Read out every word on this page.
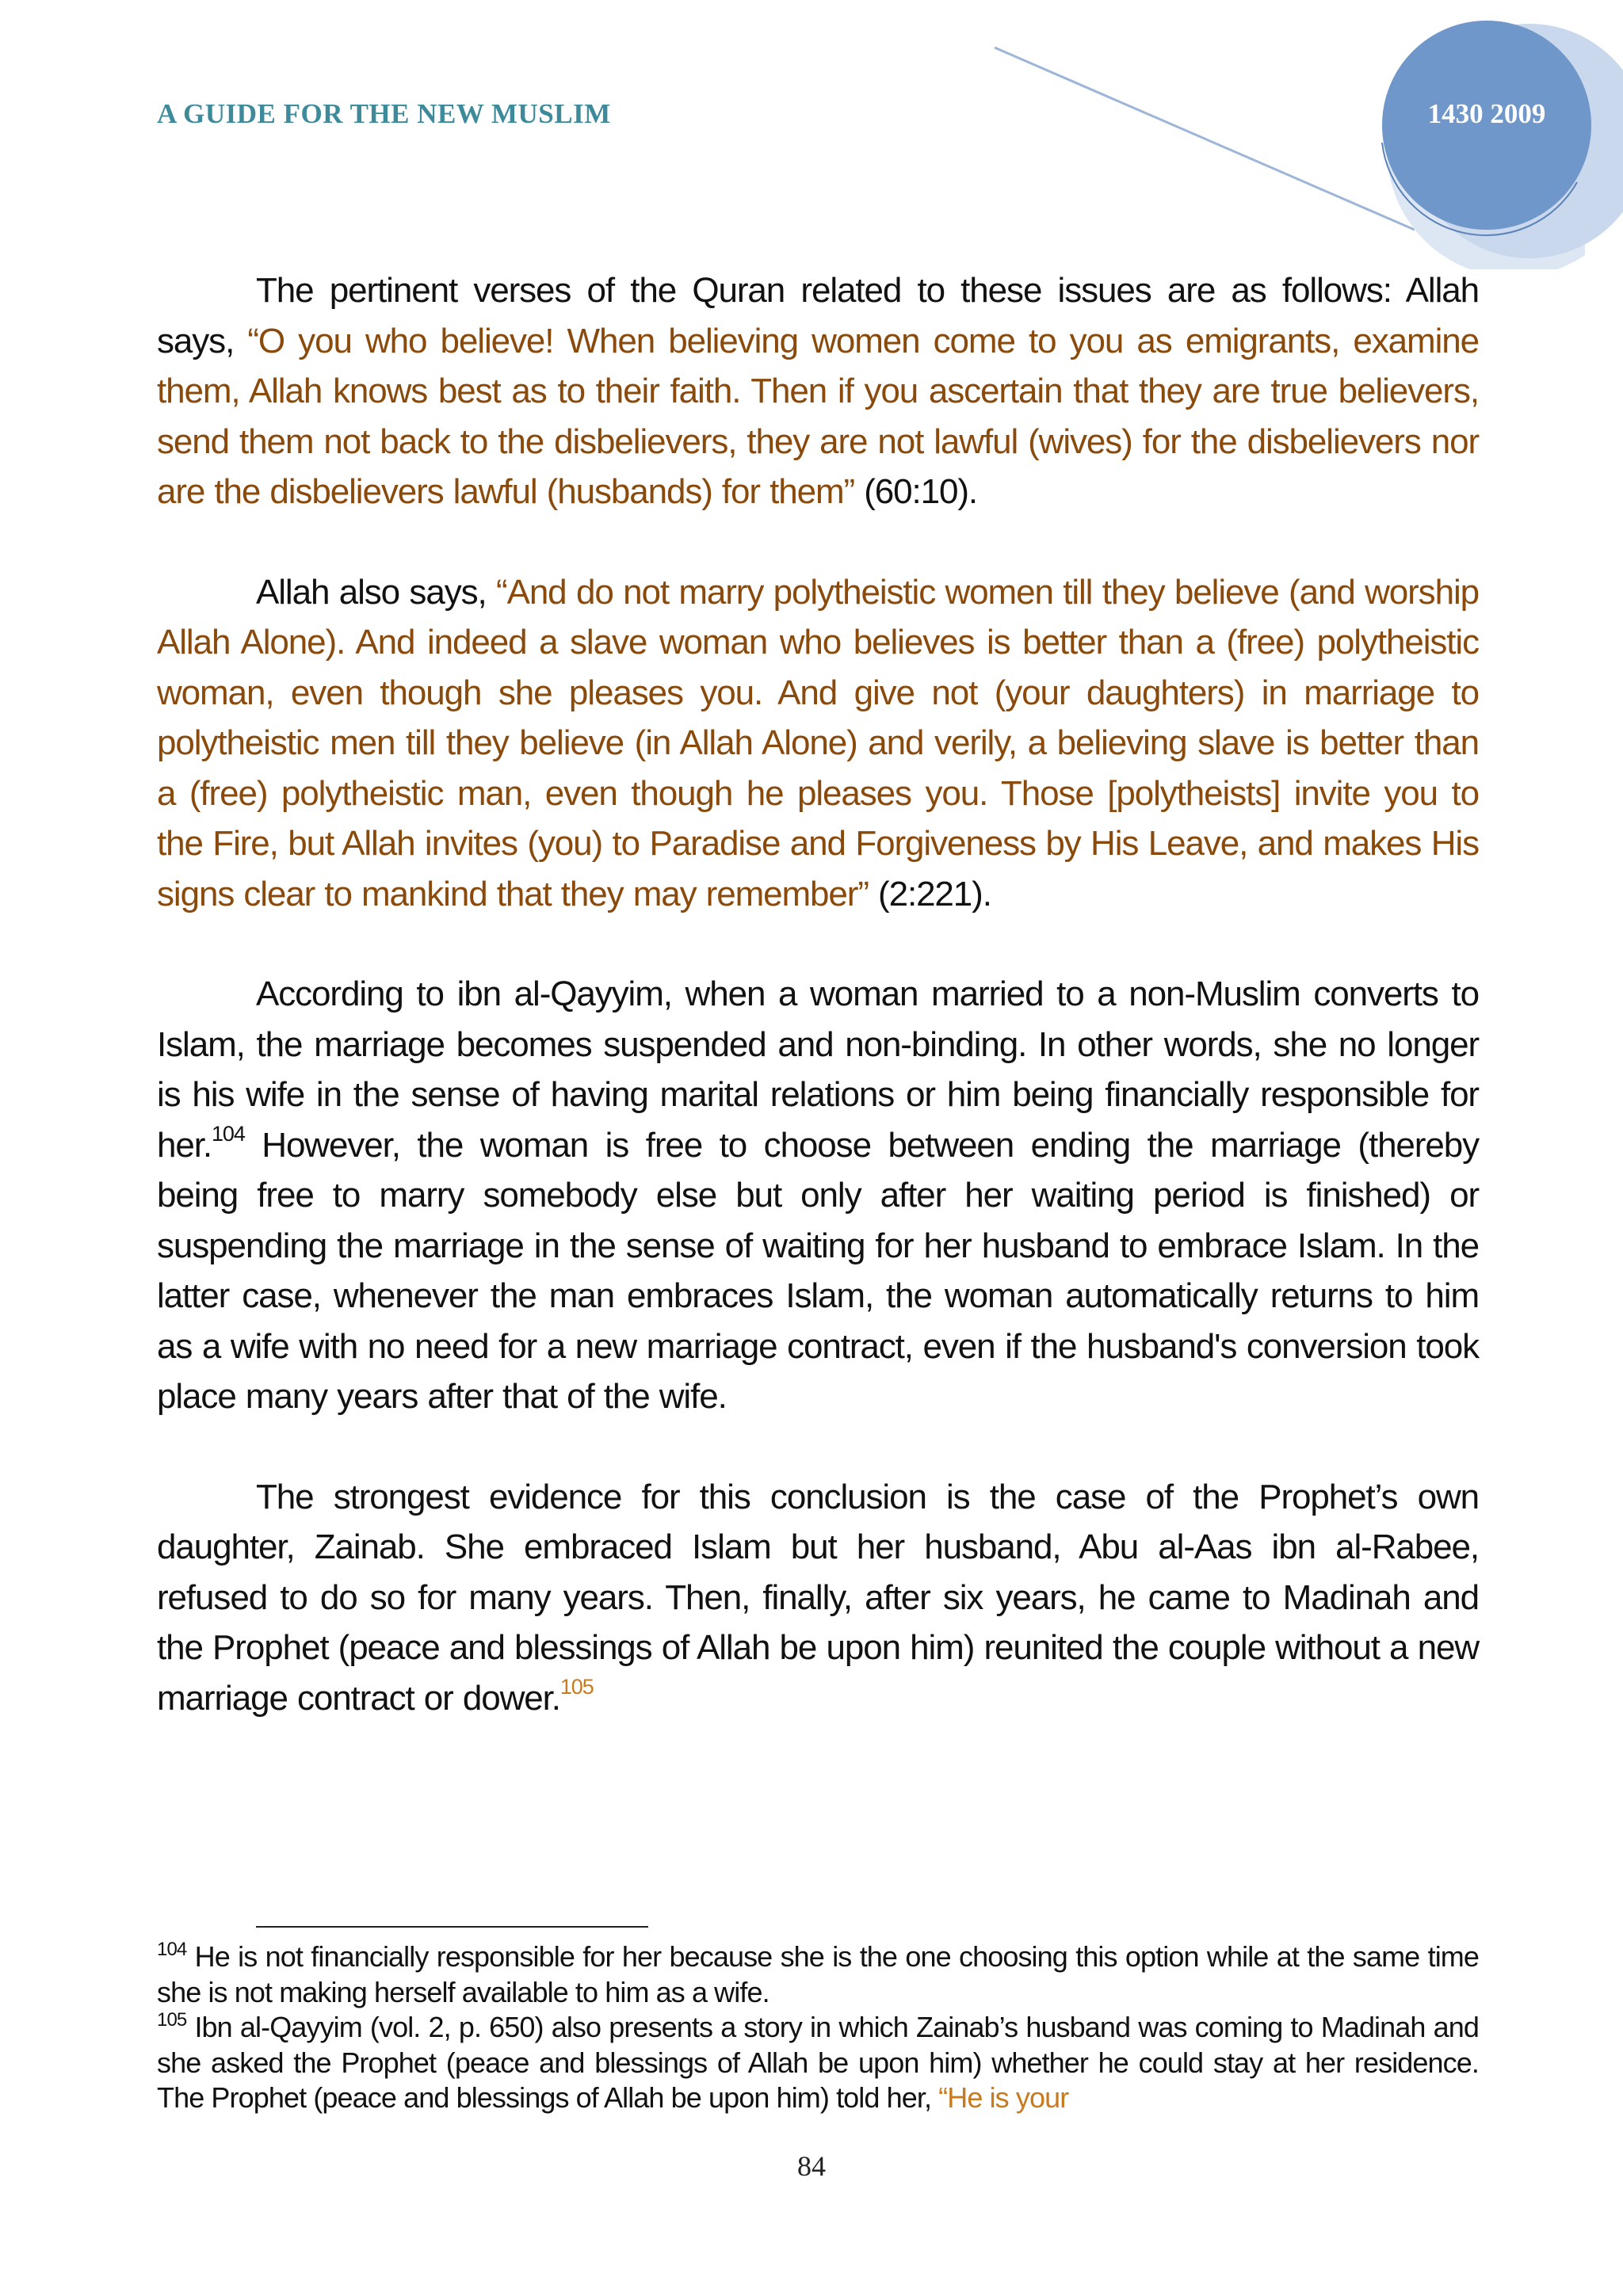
A GUIDE FOR THE NEW MUSLIM	1430 2009

The pertinent verses of the Quran related to these issues are as follows: Allah says, “O you who believe! When believing women come to you as emigrants, examine them, Allah knows best as to their faith. Then if you ascertain that they are true believers, send them not back to the disbelievers, they are not lawful (wives) for the disbelievers nor are the disbelievers lawful (husbands) for them” (60:10).

Allah also says, “And do not marry polytheistic women till they believe (and worship Allah Alone). And indeed a slave woman who believes is better than a (free) polytheistic woman, even though she pleases you. And give not (your daughters) in marriage to polytheistic men till they believe (in Allah Alone) and verily, a believing slave is better than a (free) polytheistic man, even though he pleases you. Those [polytheists] invite you to the Fire, but Allah invites (you) to Paradise and Forgiveness by His Leave, and makes His signs clear to mankind that they may remember” (2:221).

According to ibn al-Qayyim, when a woman married to a non-Muslim converts to Islam, the marriage becomes suspended and non-binding. In other words, she no longer is his wife in the sense of having marital relations or him being financially responsible for her.$^{104}$ However, the woman is free to choose between ending the marriage (thereby being free to marry somebody else but only after her waiting period is finished) or suspending the marriage in the sense of waiting for her husband to embrace Islam. In the latter case, whenever the man embraces Islam, the woman automatically returns to him as a wife with no need for a new marriage contract, even if the husband's conversion took place many years after that of the wife.

The strongest evidence for this conclusion is the case of the Prophet’s own daughter, Zainab. She embraced Islam but her husband, Abu al-Aas ibn al-Rabee, refused to do so for many years. Then, finally, after six years, he came to Madinah and the Prophet (peace and blessings of Allah be upon him) reunited the couple without a new marriage contract or dower.$^{105}$

$^{104}$ He is not financially responsible for her because she is the one choosing this option while at the same time she is not making herself available to him as a wife.

$^{105}$ Ibn al-Qayyim (vol. 2, p. 650) also presents a story in which Zainab’s husband was coming to Madinah and she asked the Prophet (peace and blessings of Allah be upon him) whether he could stay at her residence. The Prophet (peace and blessings of Allah be upon him) told her, “He is your

84
